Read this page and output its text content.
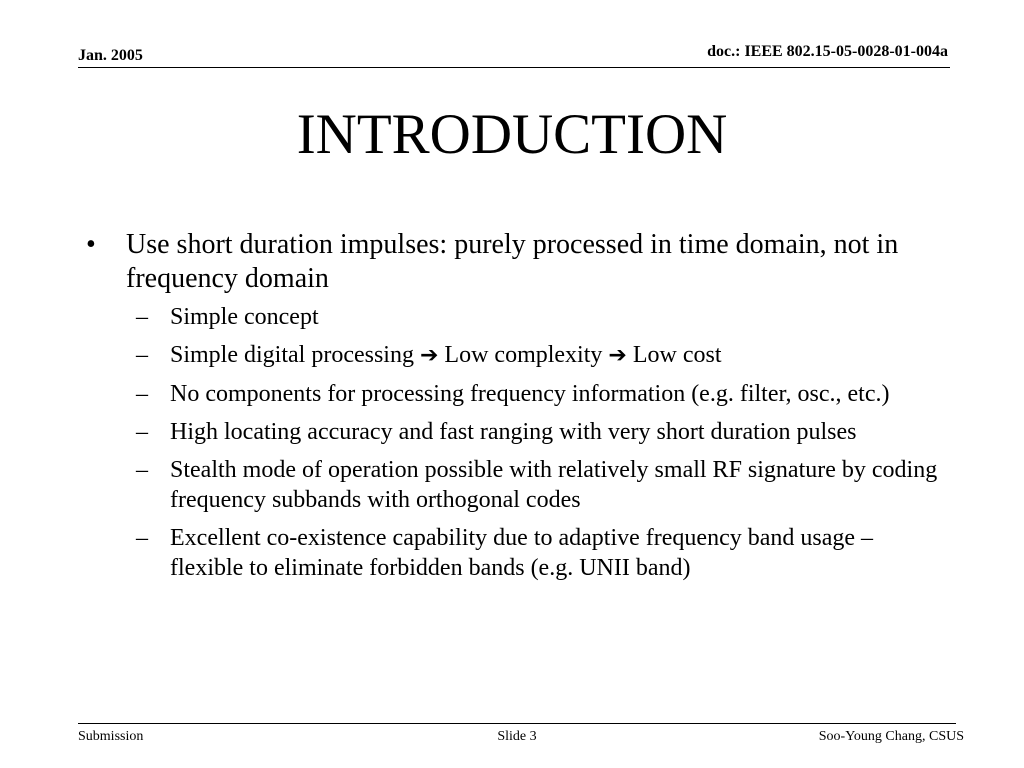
Jan. 2005	doc.: IEEE 802.15-05-0028-01-004a
INTRODUCTION
• Use short duration impulses: purely processed in time domain, not in frequency domain
– Simple concept
– Simple digital processing ➔ Low complexity ➔ Low cost
– No components for processing frequency information (e.g. filter, osc., etc.)
– High locating accuracy and fast ranging with very short duration pulses
– Stealth mode of operation possible with relatively small RF signature by coding frequency subbands with orthogonal codes
– Excellent co-existence capability due to adaptive frequency band usage – flexible to eliminate forbidden bands (e.g. UNII band)
Submission	Slide 3	Soo-Young Chang, CSUS
